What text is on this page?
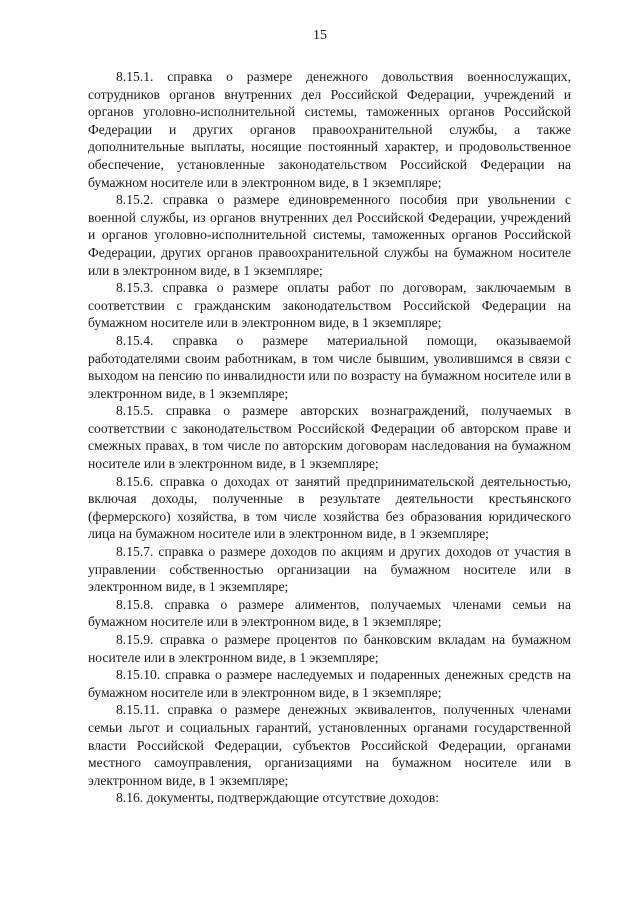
15

8.15.1. справка о размере денежного довольствия военнослужащих, сотрудников органов внутренних дел Российской Федерации, учреждений и органов уголовно-исполнительной системы, таможенных органов Российской Федерации и других органов правоохранительной службы, а также дополнительные выплаты, носящие постоянный характер, и продовольственное обеспечение, установленные законодательством Российской Федерации на бумажном носителе или в электронном виде, в 1 экземпляре;

8.15.2. справка о размере единовременного пособия при увольнении с военной службы, из органов внутренних дел Российской Федерации, учреждений и органов уголовно-исполнительной системы, таможенных органов Российской Федерации, других органов правоохранительной службы на бумажном носителе или в электронном виде, в 1 экземпляре;

8.15.3. справка о размере оплаты работ по договорам, заключаемым в соответствии с гражданским законодательством Российской Федерации на бумажном носителе или в электронном виде, в 1 экземпляре;

8.15.4. справка о размере материальной помощи, оказываемой работодателями своим работникам, в том числе бывшим, уволившимся в связи с выходом на пенсию по инвалидности или по возрасту на бумажном носителе или в электронном виде, в 1 экземпляре;

8.15.5. справка о размере авторских вознаграждений, получаемых в соответствии с законодательством Российской Федерации об авторском праве и смежных правах, в том числе по авторским договорам наследования на бумажном носителе или в электронном виде, в 1 экземпляре;

8.15.6. справка о доходах от занятий предпринимательской деятельностью, включая доходы, полученные в результате деятельности крестьянского (фермерского) хозяйства, в том числе хозяйства без образования юридического лица на бумажном носителе или в электронном виде, в 1 экземпляре;

8.15.7. справка о размере доходов по акциям и других доходов от участия в управлении собственностью организации на бумажном носителе или в электронном виде, в 1 экземпляре;

8.15.8. справка о размере алиментов, получаемых членами семьи на бумажном носителе или в электронном виде, в 1 экземпляре;

8.15.9. справка о размере процентов по банковским вкладам на бумажном носителе или в электронном виде, в 1 экземпляре;

8.15.10. справка о размере наследуемых и подаренных денежных средств на бумажном носителе или в электронном виде, в 1 экземпляре;

8.15.11. справка о размере денежных эквивалентов, полученных членами семьи льгот и социальных гарантий, установленных органами государственной власти Российской Федерации, субъектов Российской Федерации, органами местного самоуправления, организациями на бумажном носителе или в электронном виде, в 1 экземпляре;

8.16. документы, подтверждающие отсутствие доходов:
